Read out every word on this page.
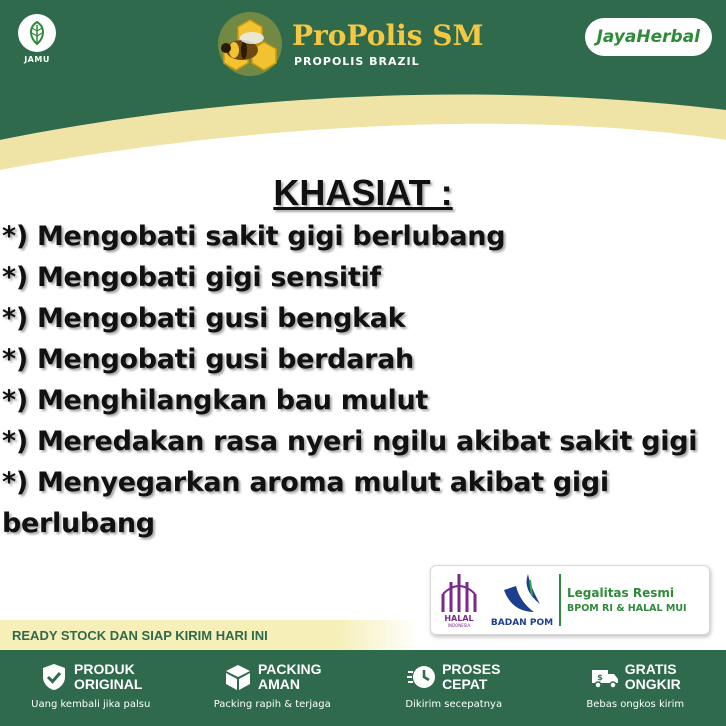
JAMU
ProPolis SM
PROPOLIS BRAZIL
JayaHerbal
KHASIAT :
*) Mengobati sakit gigi berlubang
*) Mengobati gigi sensitif
*) Mengobati gusi bengkak
*) Mengobati gusi berdarah
*) Menghilangkan bau mulut
*) Meredakan rasa nyeri ngilu akibat sakit gigi
*) Menyegarkan aroma mulut akibat gigi
berlubang
HALAL
INDONESIA BADAN POM
Legalitas Resmi
BPOM RI & HALAL MUI
READY STOCK DAN SIAP KIRIM HARI INI
PRODUK
ORIGINAL
Uang kembali jika palsu
PACKING
AMAN
Packing rapih & terjaga
PROSES
CEPAT
Dikirim secepatnya
$
GRATIS
ONGKIR
Bebas ongkos kirim
